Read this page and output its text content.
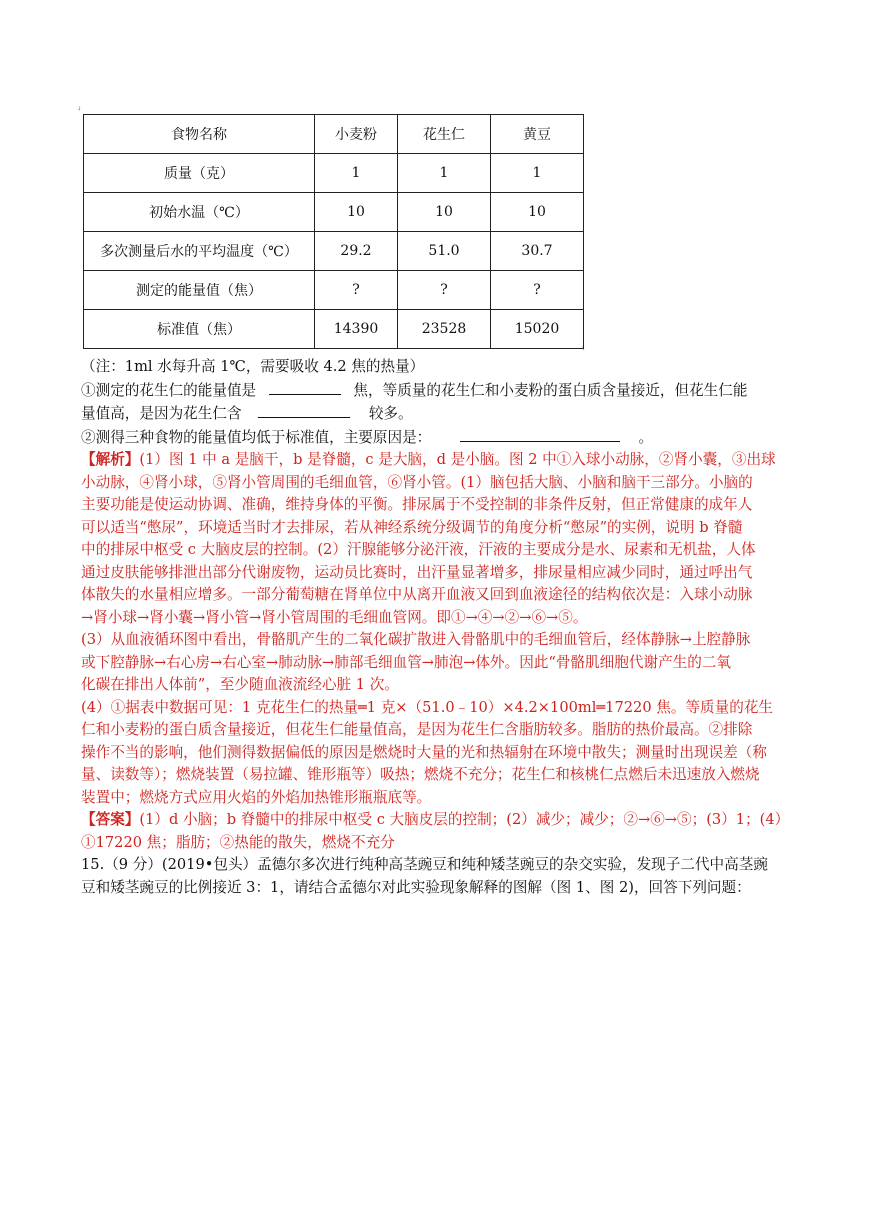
┘
┐
食物名称	小麦粉	花生仁	黄豆
质量（克）	1	1	1
初始水温（℃）	10	10	10
多次测量后水的平均温度（℃）	29.2	51.0	30.7
测定的能量值（焦）	?	?	?
标准值（焦）	14390	23528	15020
（注：1ml 水每升高 1℃，需要吸收 4.2 焦的热量）
①测定的花生仁的能量值是	焦，等质量的花生仁和小麦粉的蛋白质含量接近，但花生仁能
量值高，是因为花生仁含	较多。
②测得三种食物的能量值均低于标准值，主要原因是：	。
【解析】(1）图 1 中 a 是脑干，b 是脊髓，c 是大脑，d 是小脑。图 2 中①入球小动脉，②肾小囊，③出球
小动脉，④肾小球，⑤肾小管周围的毛细血管，⑥肾小管。(1）脑包括大脑、小脑和脑干三部分。小脑的
主要功能是使运动协调、准确，维持身体的平衡。排尿属于不受控制的非条件反射，但正常健康的成年人
可以适当“憋尿”，环境适当时才去排尿，若从神经系统分级调节的角度分析“憋尿”的实例，说明 b 脊髓
中的排尿中枢受 c 大脑皮层的控制。(2）汗腺能够分泌汗液，汗液的主要成分是水、尿素和无机盐，人体
通过皮肤能够排泄出部分代谢废物，运动员比赛时，出汗量显著增多，排尿量相应减少同时，通过呼出气
体散失的水量相应增多。一部分葡萄糖在肾单位中从离开血液又回到血液途径的结构依次是：入球小动脉
→肾小球→肾小囊→肾小管→肾小管周围的毛细血管网。即①→④→②→⑥→⑤。
(3）从血液循环图中看出，骨骼肌产生的二氧化碳扩散进入骨骼肌中的毛细血管后，经体静脉→上腔静脉
或下腔静脉→右心房→右心室→肺动脉→肺部毛细血管→肺泡→体外。因此“骨骼肌细胞代谢产生的二氧
化碳在排出人体前”，至少随血液流经心脏 1 次。
(4）①据表中数据可见：1 克花生仁的热量═1 克×（51.0﹣10）×4.2×100ml═17220 焦。等质量的花生
仁和小麦粉的蛋白质含量接近，但花生仁能量值高，是因为花生仁含脂肪较多。脂肪的热价最高。②排除
操作不当的影响，他们测得数据偏低的原因是燃烧时大量的光和热辐射在环境中散失；测量时出现误差（称
量、读数等）；燃烧装置（易拉罐、锥形瓶等）吸热；燃烧不充分；花生仁和核桃仁点燃后未迅速放入燃烧
装置中；燃烧方式应用火焰的外焰加热锥形瓶瓶底等。
【答案】(1）d 小脑；b 脊髓中的排尿中枢受 c 大脑皮层的控制；(2）减少；减少；②→⑥→⑤；(3）1；(4）
①17220 焦；脂肪；②热能的散失，燃烧不充分
15.（9 分）(2019•包头）孟德尔多次进行纯种高茎豌豆和纯种矮茎豌豆的杂交实验，发现子二代中高茎豌
豆和矮茎豌豆的比例接近 3：1，请结合孟德尔对此实验现象解释的图解（图 1、图 2)，回答下列问题：
